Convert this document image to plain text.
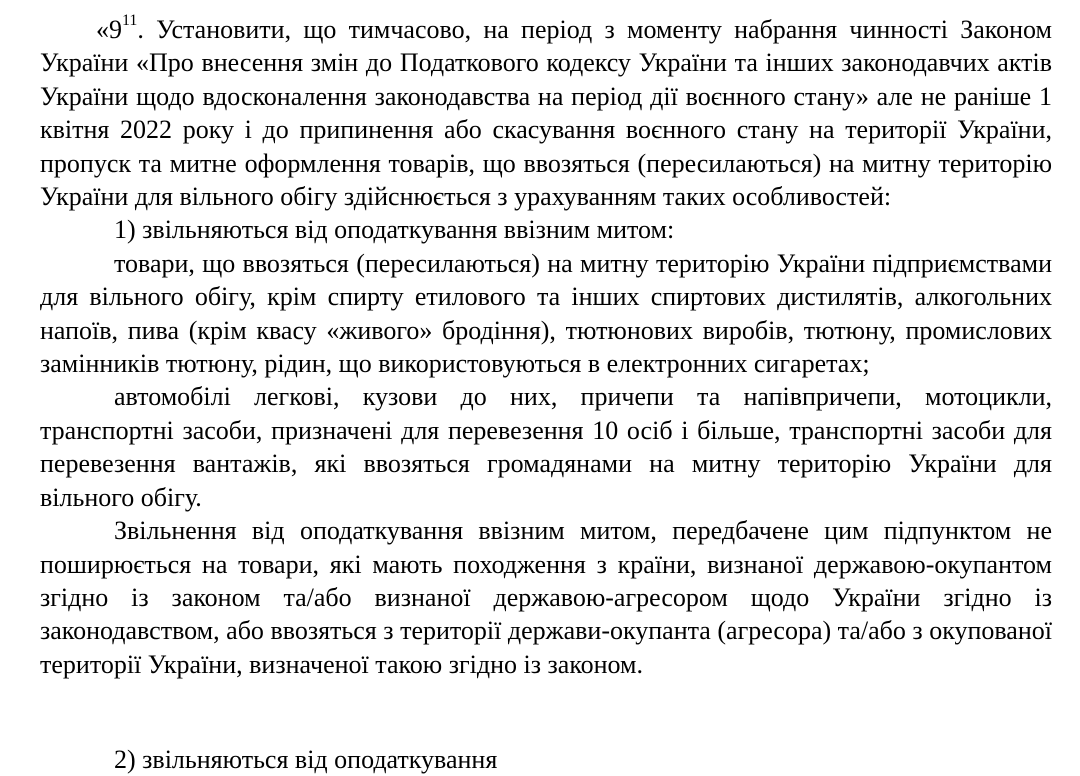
«$9^{11}$. Установити, що тимчасово, на період з моменту набрання чинності Законом України «Про внесення змін до Податкового кодексу України та інших законодавчих актів України щодо вдосконалення законодавства на період дії воєнного стану» але не раніше 1 квітня 2022 року і до припинення або скасування воєнного стану на території України, пропуск та митне оформлення товарів, що ввозяться (пересилаються) на митну територію України для вільного обігу здійснюється з урахуванням таких особливостей:

1) звільняються від оподаткування ввізним митом:

товари, що ввозяться (пересилаються) на митну територію України підприємствами для вільного обігу, крім спирту етилового та інших спиртових дистилятів, алкогольних напоїв, пива (крім квасу «живого» бродіння), тютюнових виробів, тютюну, промислових замінників тютюну, рідин, що використовуються в електронних сигаретах;

автомобілі легкові, кузови до них, причепи та напівпричепи, мотоцикли, транспортні засоби, призначені для перевезення 10 осіб і більше, транспортні засоби для перевезення вантажів, які ввозяться громадянами на митну територію України для вільного обігу.

Звільнення від оподаткування ввізним митом, передбачене цим підпунктом не поширюється на товари, які мають походження з країни, визнаної державою-окупантом згідно із законом та/або визнаної державою-агресором щодо України згідно із законодавством, або ввозяться з території держави-окупанта (агресора) та/або з окупованої території України, визначеної такою згідно із законом.

2) звільняються від оподаткування
